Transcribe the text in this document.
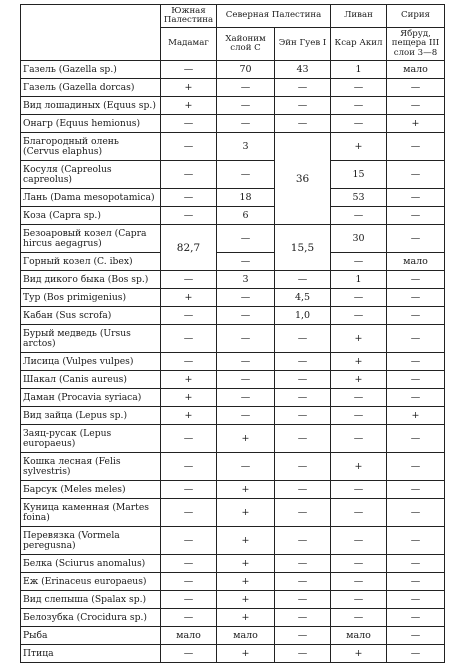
	Южная Палестина	Северная Палестина		Ливан	Сирия
	Мадамаг	Хайоним слой С	Эйн Гуев I	Ксар Акил	Ябруд, пещера III слои 3—8
Газель (Gazella sp.)	—	70	43	1	мало
Газель (Gazella dorcas)	+	—	—	—	—
Вид лошадиных (Equus sp.)	+	—	—	—	—
Онагр (Equus hemionus)	—	—	—	—	+
Благородный олень (Cervus elaphus)	—	3	36	+	—
Косуля (Capreolus capreolus)	—	—		15	—
Лань (Dama mesopotamica)	—	18		53	—
Коза (Capra sp.)	—	6		—	—
Безоаровый козел (Capra hircus aegagrus)	82,7	—	15,5	30	—
Горный козел (C. ibex)		—		—	мало
Вид дикого быка (Bos sp.)	—	3	—	1	—
Тур (Bos primigenius)	+	—	4,5	—	—
Кабан (Sus scrofa)	—	—	1,0	—	—
Бурый медведь (Ursus arctos)	—	—	—	+	—
Лисица (Vulpes vulpes)	—	—	—	+	—
Шакал (Canis aureus)	+	—	—	+	—
Даман (Procavia syriaca)	+	—	—	—	—
Вид зайца (Lepus sp.)	+	—	—	—	+
Заяц-русак (Lepus europaeus)	—	+	—	—	—
Кошка лесная (Felis sylvestris)	—	—	—	+	—
Барсук (Meles meles)	—	+	—	—	—
Куница каменная (Martes foina)	—	+	—	—	—
Перевязка (Vormela peregusna)	—	+	—	—	—
Белка (Sciurus anomalus)	—	+	—	—	—
Еж (Erinaceus europaeus)	—	+	—	—	—
Вид слепыша (Spalax sp.)	—	+	—	—	—
Белозубка (Crocidura sp.)	—	+	—	—	—
Рыба	мало	мало	—	мало	—
Птица	—	+	—	+	—
